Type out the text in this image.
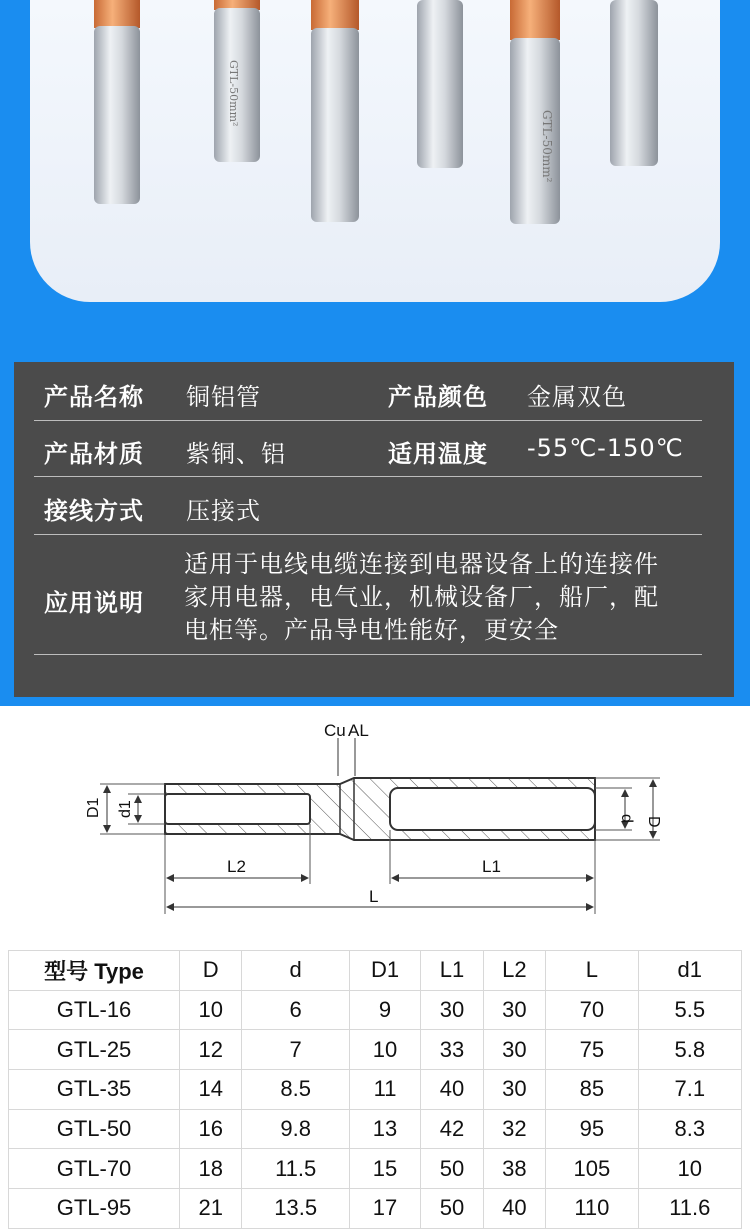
GTL-50mm²
GTL-50mm²
产品名称 铜铝管	产品颜色 金属双色
产品材质 紫铜、铝	适用温度 -55℃-150℃
接线方式 压接式
应用说明
适用于电线电缆连接到电器设备上的连接件
家用电器，电气业，机械设备厂，船厂，配
电柜等。产品导电性能好，更安全
Cu AL
D1 d1
d D
L2	L1
L
型号 Type	D	d	D1	L1	L2	L	d1
GTL-16	10	6	9	30	30	70	5.5
GTL-25	12	7	10	33	30	75	5.8
GTL-35	14	8.5	11	40	30	85	7.1
GTL-50	16	9.8	13	42	32	95	8.3
GTL-70	18	11.5	15	50	38	105	10
GTL-95	21	13.5	17	50	40	110	11.6
